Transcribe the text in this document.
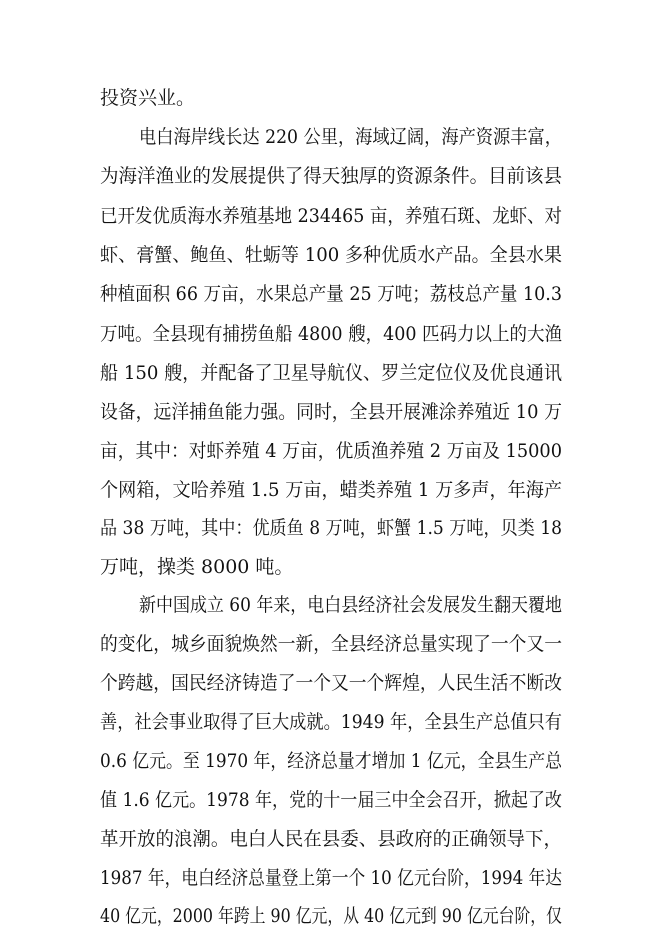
投资兴业。
电白海岸线长达 220 公里，海域辽阔，海产资源丰富，
为海洋渔业的发展提供了得天独厚的资源条件。目前该县
已开发优质海水养殖基地 234465 亩，养殖石斑、龙虾、对
虾、膏蟹、鲍鱼、牡蛎等 100 多种优质水产品。全县水果
种植面积 66 万亩，水果总产量 25 万吨；荔枝总产量 10.3
万吨。全县现有捕捞鱼船 4800 艘，400 匹码力以上的大渔
船 150 艘，并配备了卫星导航仪、罗兰定位仪及优良通讯
设备，远洋捕鱼能力强。同时，全县开展滩涂养殖近 10 万
亩，其中：对虾养殖 4 万亩，优质渔养殖 2 万亩及 15000
个网箱，文哈养殖 1.5 万亩，蜡类养殖 1 万多声，年海产
品 38 万吨，其中：优质鱼 8 万吨，虾蟹 1.5 万吨，贝类 18
万吨，操类 8000 吨。
新中国成立 60 年来，电白县经济社会发展发生翻天覆地
的变化，城乡面貌焕然一新，全县经济总量实现了一个又一
个跨越，国民经济铸造了一个又一个辉煌，人民生活不断改
善，社会事业取得了巨大成就。1949 年，全县生产总值只有
0.6 亿元。至 1970 年，经济总量才增加 1 亿元，全县生产总
值 1.6 亿元。1978 年，党的十一届三中全会召开，掀起了改
革开放的浪潮。电白人民在县委、县政府的正确领导下，
1987 年，电白经济总量登上第一个 10 亿元台阶，1994 年达
40 亿元，2000 年跨上 90 亿元，从 40 亿元到 90 亿元台阶，仅
